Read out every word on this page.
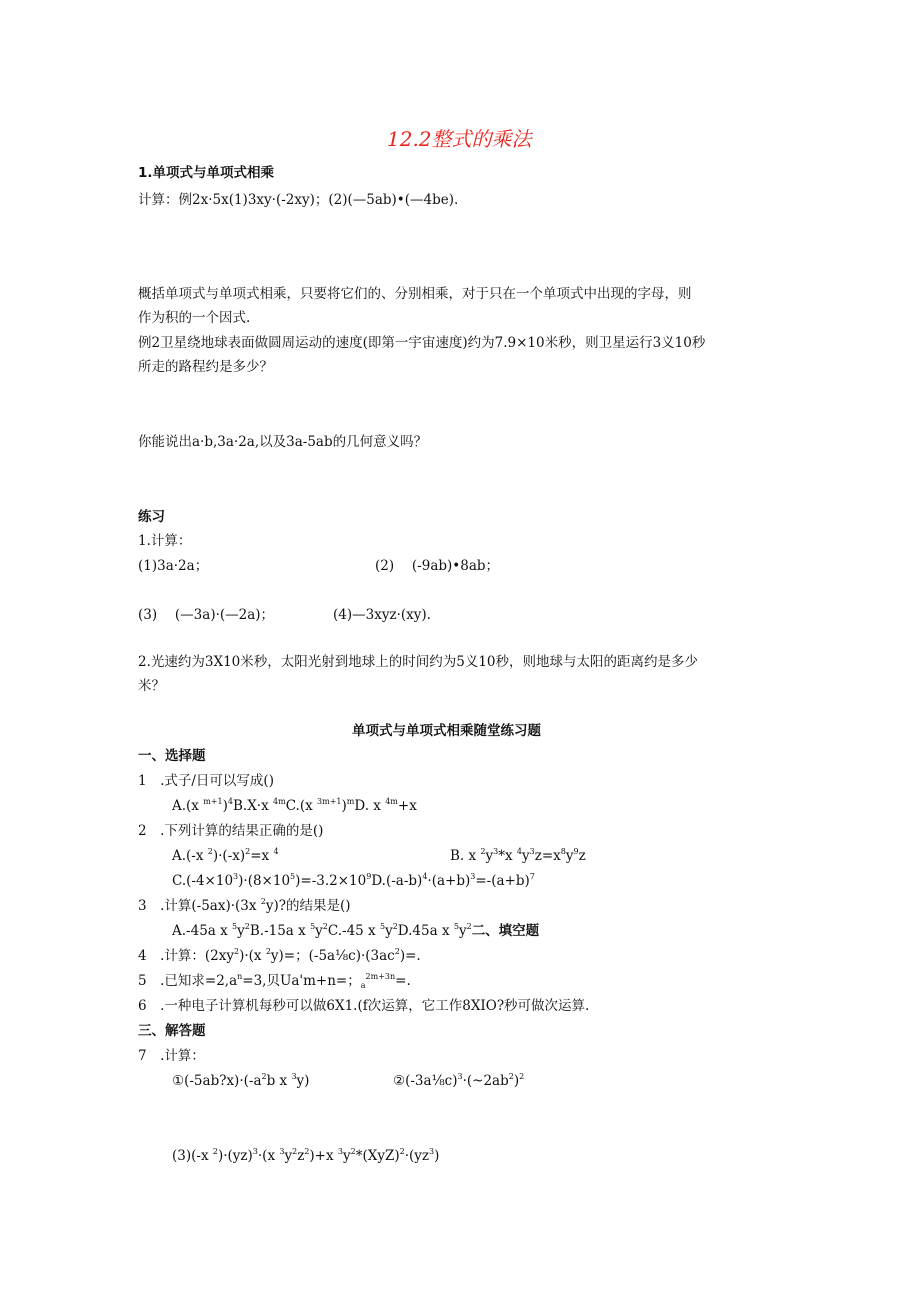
12.2整式的乘法
1.单项式与单项式相乘
计算：例2x·5x(1)3xy·(-2xy)；(2)(—5ab)•(—4be).
概括单项式与单项式相乘，只要将它们的、分别相乘，对于只在一个单项式中出现的字母，则
作为积的一个因式.
例2卫星绕地球表面做圆周运动的速度(即第一宇宙速度)约为7.9×10米秒，则卫星运行3义10秒
所走的路程约是多少？
你能说出a·b,3a·2a,以及3a-5ab的几何意义吗？
练习
1.计算：
(1)3a·2a；	(2)　 (-9ab)•8ab；
(3)　 (—3a)·(—2a)；	(4)—3xyz·(xy).
2.光速约为3X10米秒，太阳光射到地球上的时间约为5义10秒，则地球与太阳的距离约是多少
米？
单项式与单项式相乘随堂练习题
一、选择题
1　.式子/日可以写成()
A.(x $^{m+1}$)$^4$B.X·x $^{4m}$C.(x $^{3m+1}$)$^m$D. x $^{4m}$+x
2　.下列计算的结果正确的是()
A.(-x $^2)\cdot(-x)^2=x$ $^4$	B. x $^2y^3*x$ $^4y^3z=x^8y^9z$
$C.(-4\times 10^3)\cdot(8\times 10^5)=-3.2\times 10^9D.(-a-b)^4\cdot(a+b)^3=-(a+b)^7$
3　.计算(-5ax)·(3x $^2$y)?的结果是()
A.-45a x $^5y^2B.-15a$ x $^5y^2C.-45$ x $^5y^2D.45a$ x $^5y^2$二、填空题
4　.计算：$(2xy^2)\cdot(x$ $^2$y)=；$(-5a\frac{1}{8}c)\cdot(3ac^2)=$.
5　.已知求$=2,a^n=3$,贝Ua'm+n=；$_a^{2m+3n}$=.
6　.一种电子计算机每秒可以做6X1.(f次运算，它工作8XIO?秒可做次运算.
三、解答题
7　.计算：
$①(-5ab?x)\cdot(-a^2b$ x $^3$y)	$②(-3a\frac{1}{8}c)^3\cdot(\sim 2ab^2)^2$
(3)(-x $^2$)·(yz)$^3$·(x $^3y^2z^2)+x$ $^3y^2*(XyZ)^2\cdot(yz^3)$
